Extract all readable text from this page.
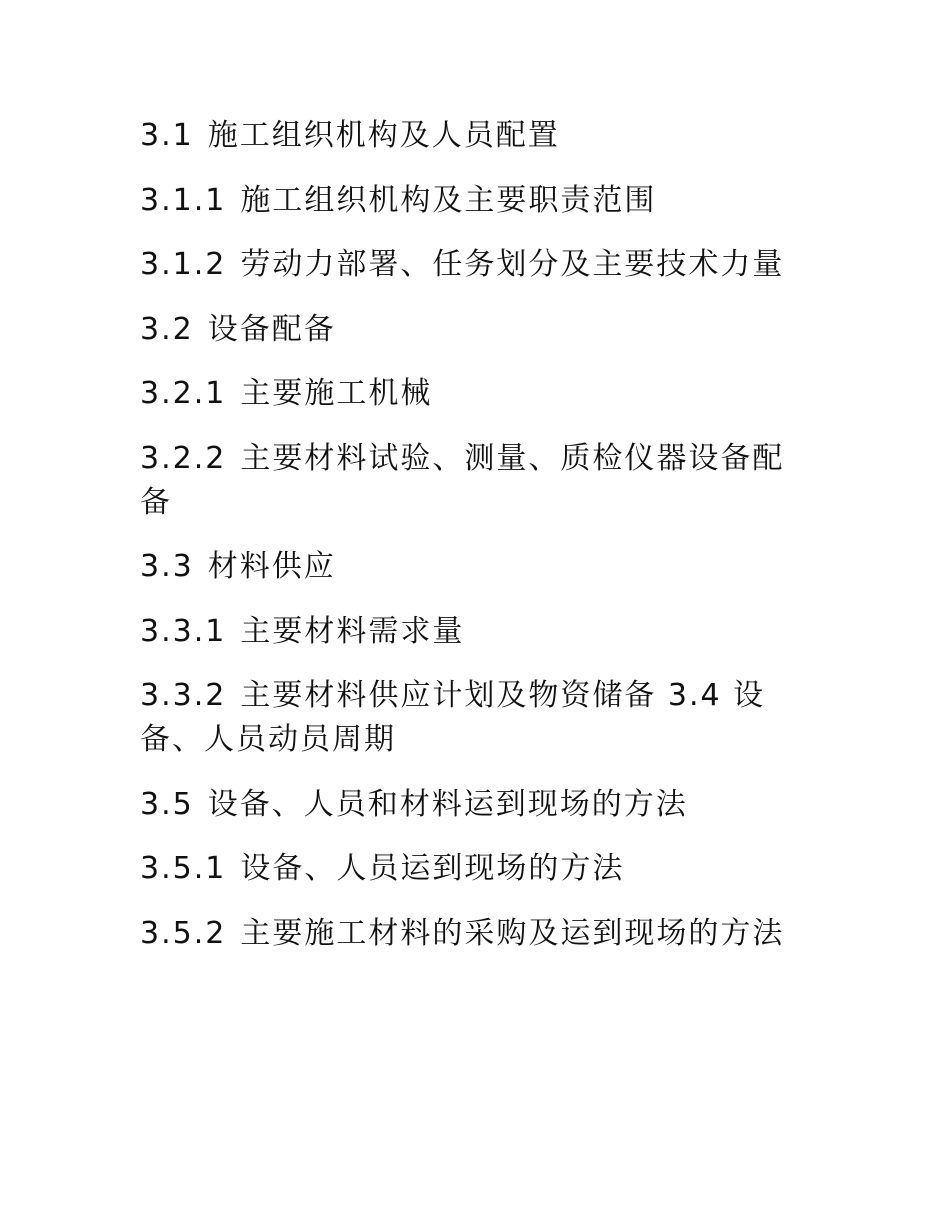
3.1 施工组织机构及人员配置

3.1.1 施工组织机构及主要职责范围

3.1.2 劳动力部署、任务划分及主要技术力量

3.2 设备配备

3.2.1 主要施工机械

3.2.2 主要材料试验、测量、质检仪器设备配备

3.3 材料供应

3.3.1 主要材料需求量

3.3.2 主要材料供应计划及物资储备 3.4 设备、人员动员周期

3.5 设备、人员和材料运到现场的方法

3.5.1 设备、人员运到现场的方法

3.5.2 主要施工材料的采购及运到现场的方法
